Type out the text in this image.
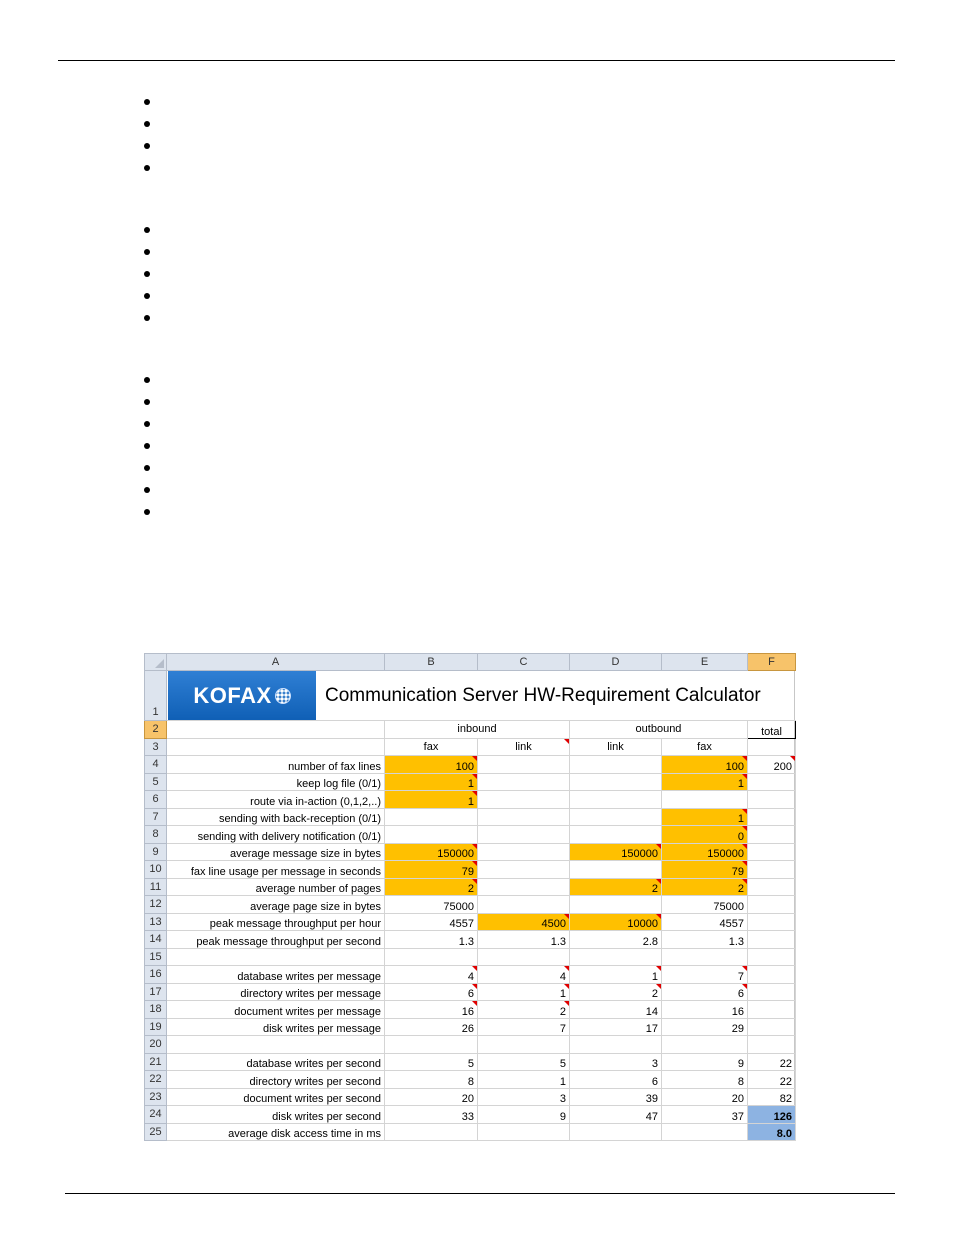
	A	B	C	D	E	F
1	KOFAX Communication Server HW-Requirement Calculator					

2		inbound		outbound		total
3		fax	link	link	fax	
4	number of fax lines	100			100	200
5	keep log file (0/1)	1			1	
6	route via in-action (0,1,2,..)	1				
7	sending with back-reception (0/1)				1	
8	sending with delivery notification (0/1)				0	
9	average message size in bytes	150000		150000	150000	
10	fax line usage per message in seconds	79			79	
11	average number of pages	2		2	2	
12	average page size in bytes	75000			75000	
13	peak message throughput per hour	4557	4500	10000	4557	
14	peak message throughput per second	1.3	1.3	2.8	1.3	
15						
16	database writes per message	4	4	1	7	
17	directory writes per message	6	1	2	6	
18	document writes per message	16	2	14	16	
19	disk writes per message	26	7	17	29	
20						
21	database writes per second	5	5	3	9	22
22	directory writes per second	8	1	6	8	22
23	document writes per second	20	3	39	20	82
24	disk writes per second	33	9	47	37	126
25	average disk access time in ms					8.0
